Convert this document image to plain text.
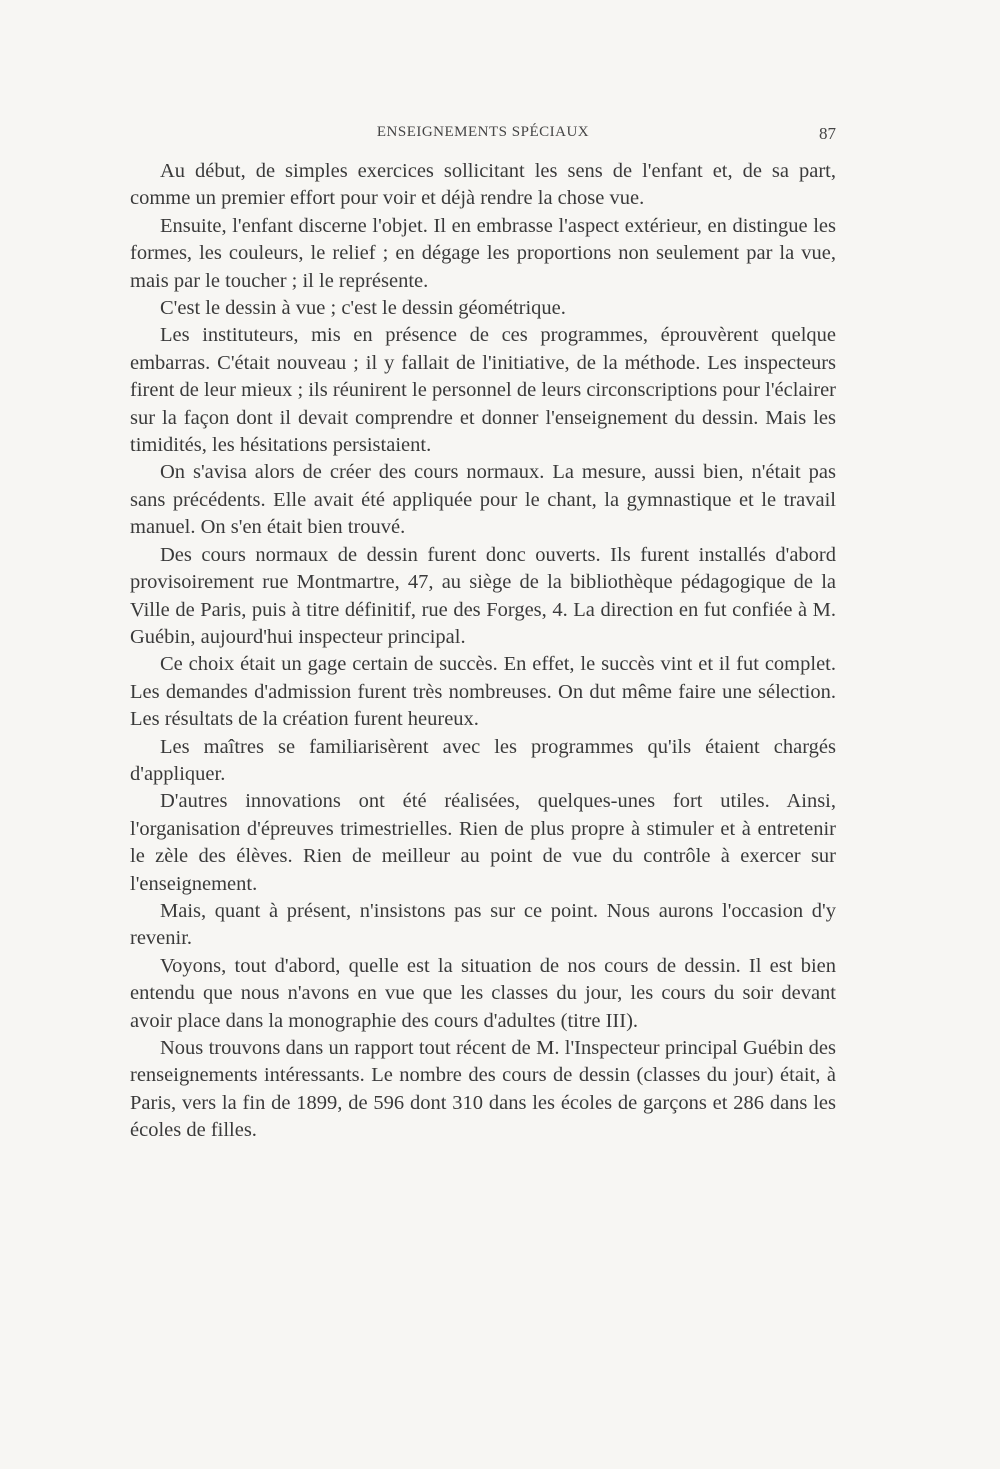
ENSEIGNEMENTS SPÉCIAUX	87

Au début, de simples exercices sollicitant les sens de l'enfant et, de sa part, comme un premier effort pour voir et déjà rendre la chose vue.

Ensuite, l'enfant discerne l'objet. Il en embrasse l'aspect extérieur, en distingue les formes, les couleurs, le relief ; en dégage les proportions non seulement par la vue, mais par le toucher ; il le représente.

C'est le dessin à vue ; c'est le dessin géométrique.

Les instituteurs, mis en présence de ces programmes, éprouvèrent quelque embarras. C'était nouveau ; il y fallait de l'initiative, de la méthode. Les inspecteurs firent de leur mieux ; ils réunirent le personnel de leurs circonscriptions pour l'éclairer sur la façon dont il devait comprendre et donner l'enseignement du dessin. Mais les timidités, les hésitations persistaient.

On s'avisa alors de créer des cours normaux. La mesure, aussi bien, n'était pas sans précédents. Elle avait été appliquée pour le chant, la gymnastique et le travail manuel. On s'en était bien trouvé.

Des cours normaux de dessin furent donc ouverts. Ils furent installés d'abord provisoirement rue Montmartre, 47, au siège de la bibliothèque pédagogique de la Ville de Paris, puis à titre définitif, rue des Forges, 4. La direction en fut confiée à M. Guébin, aujourd'hui inspecteur principal.

Ce choix était un gage certain de succès. En effet, le succès vint et il fut complet. Les demandes d'admission furent très nombreuses. On dut même faire une sélection. Les résultats de la création furent heureux.

Les maîtres se familiarisèrent avec les programmes qu'ils étaient chargés d'appliquer.

D'autres innovations ont été réalisées, quelques-unes fort utiles. Ainsi, l'organisation d'épreuves trimestrielles. Rien de plus propre à stimuler et à entretenir le zèle des élèves. Rien de meilleur au point de vue du contrôle à exercer sur l'enseignement.

Mais, quant à présent, n'insistons pas sur ce point. Nous aurons l'occasion d'y revenir.

Voyons, tout d'abord, quelle est la situation de nos cours de dessin. Il est bien entendu que nous n'avons en vue que les classes du jour, les cours du soir devant avoir place dans la monographie des cours d'adultes (titre III).

Nous trouvons dans un rapport tout récent de M. l'Inspecteur principal Guébin des renseignements intéressants. Le nombre des cours de dessin (classes du jour) était, à Paris, vers la fin de 1899, de 596 dont 310 dans les écoles de garçons et 286 dans les écoles de filles.
